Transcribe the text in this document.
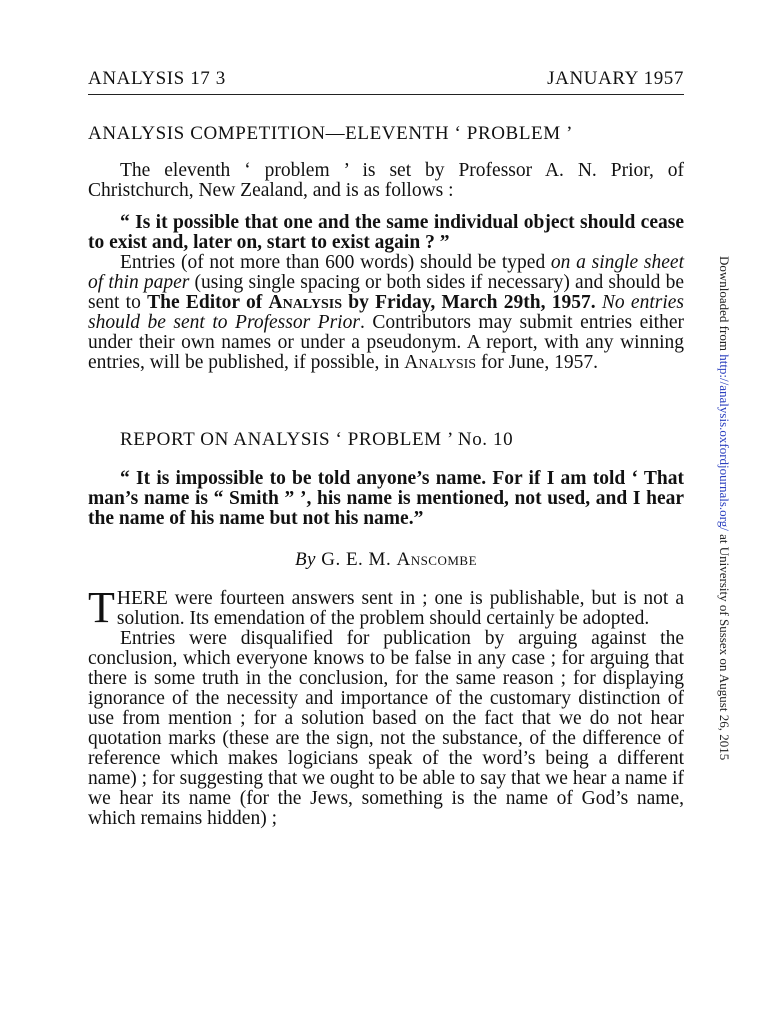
ANALYSIS 17 3	JANUARY 1957
ANALYSIS COMPETITION—ELEVENTH ‘ PROBLEM ’

The eleventh ‘ problem ’ is set by Professor A. N. Prior, of Christchurch, New Zealand, and is as follows :

“ Is it possible that one and the same individual object should cease to exist and, later on, start to exist again ? ”

Entries (of not more than 600 words) should be typed on a single sheet of thin paper (using single spacing or both sides if necessary) and should be sent to The Editor of Analysis by Friday, March 29th, 1957. No entries should be sent to Professor Prior. Contributors may submit entries either under their own names or under a pseudonym. A report, with any winning entries, will be published, if possible, in Analysis for June, 1957.

REPORT ON ANALYSIS ‘ PROBLEM ’ No. 10

“ It is impossible to be told anyone’s name. For if I am told ‘ That man’s name is “ Smith ” ’, his name is mentioned, not used, and I hear the name of his name but not his name.”

By G. E. M. Anscombe

THERE were fourteen answers sent in ; one is publishable, but is not a solution. Its emendation of the problem should certainly be adopted.

Entries were disqualified for publication by arguing against the conclusion, which everyone knows to be false in any case ; for arguing that there is some truth in the conclusion, for the same reason ; for displaying ignorance of the necessity and importance of the customary distinction of use from mention ; for a solution based on the fact that we do not hear quotation marks (these are the sign, not the substance, of the difference of reference which makes logicians speak of the word’s being a different name) ; for suggesting that we ought to be able to say that we hear a name if we hear its name (for the Jews, something is the name of God’s name, which remains hidden) ;

Downloaded from http://analysis.oxfordjournals.org/ at University of Sussex on August 26, 2015
